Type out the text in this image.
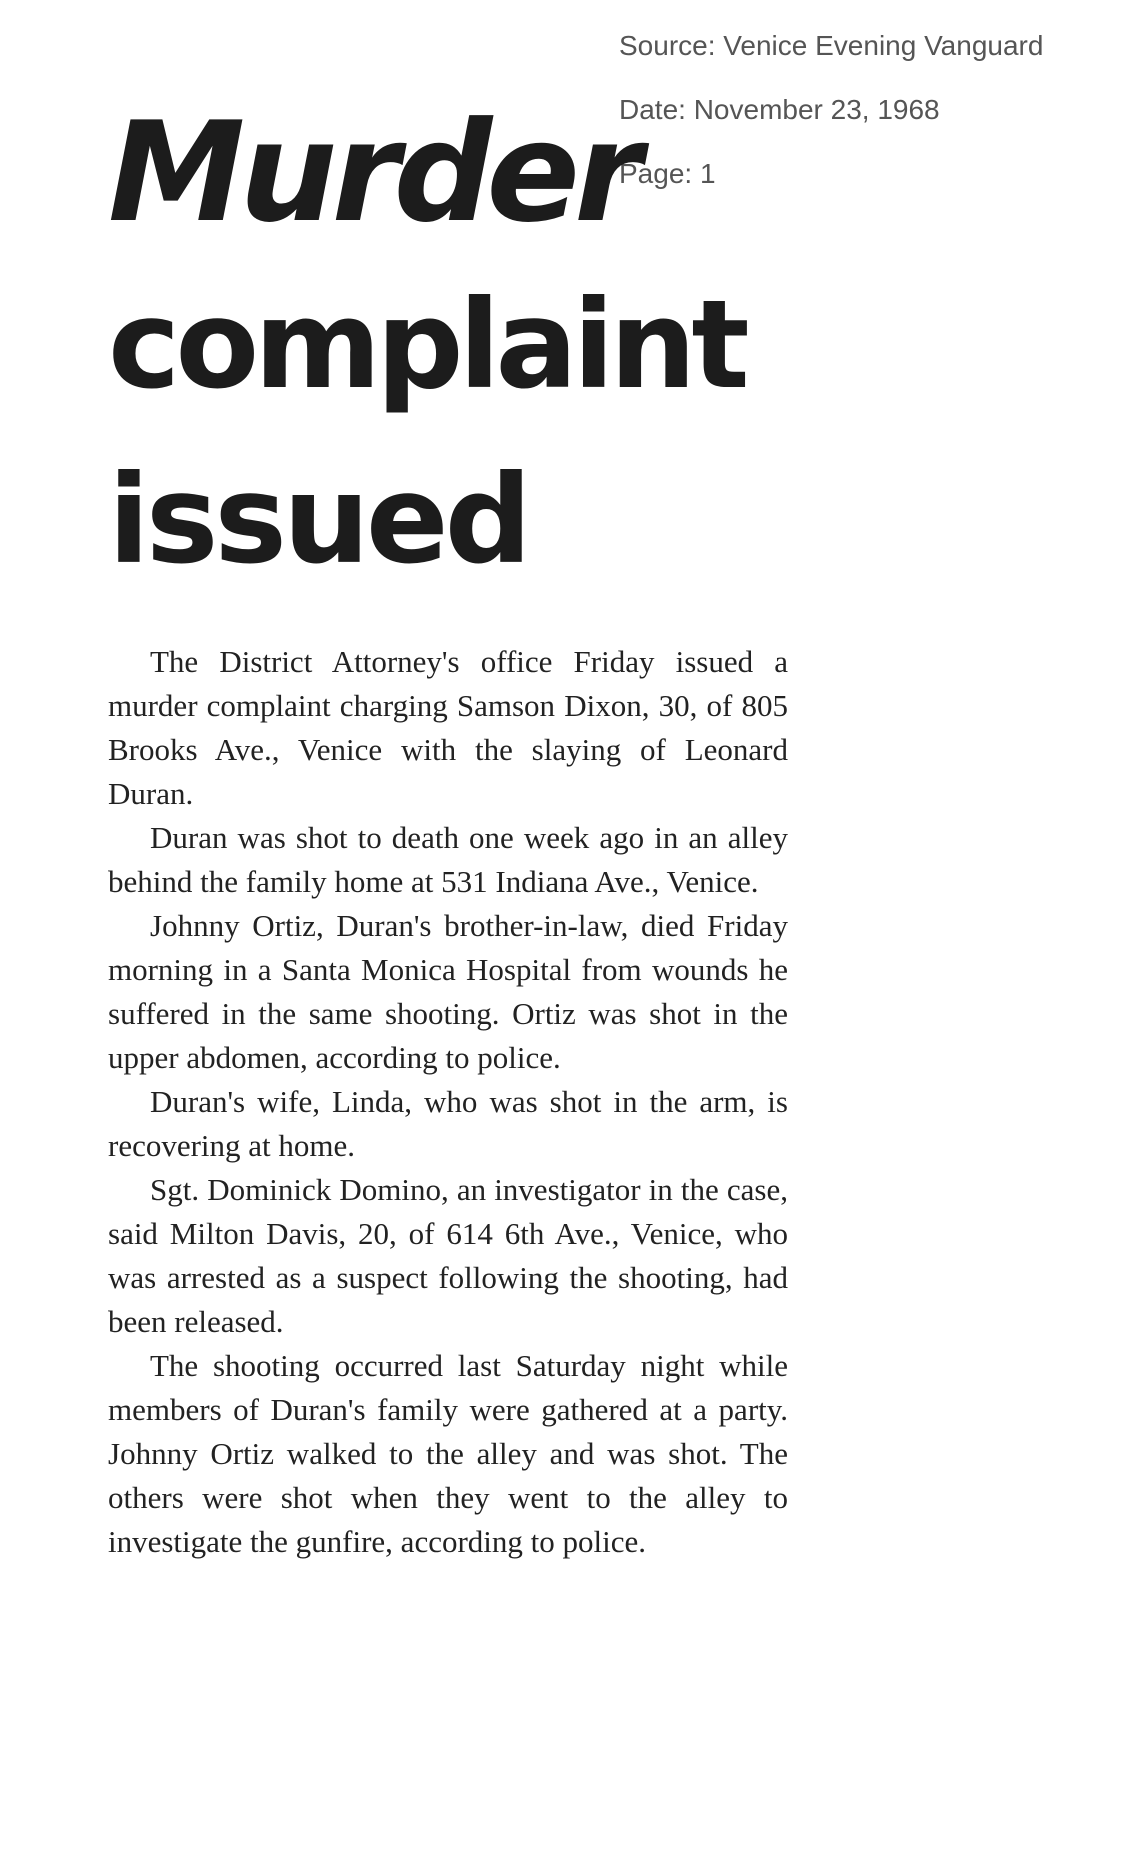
Source: Venice Evening Vanguard
Date: November 23, 1968
Page: 1
Murder
complaint
issued

The District Attorney's office Friday issued a murder complaint charging Samson Dixon, 30, of 805 Brooks Ave., Venice with the slaying of Leonard Duran.

Duran was shot to death one week ago in an alley behind the family home at 531 Indiana Ave., Venice.

Johnny Ortiz, Duran's brother-in-law, died Friday morning in a Santa Monica Hospital from wounds he suffered in the same shooting. Ortiz was shot in the upper abdomen, according to police.

Duran's wife, Linda, who was shot in the arm, is recovering at home.

Sgt. Dominick Domino, an investigator in the case, said Milton Davis, 20, of 614 6th Ave., Venice, who was arrested as a suspect following the shooting, had been released.

The shooting occurred last Saturday night while members of Duran's family were gathered at a party. Johnny Ortiz walked to the alley and was shot. The others were shot when they went to the alley to investigate the gunfire, according to police.
